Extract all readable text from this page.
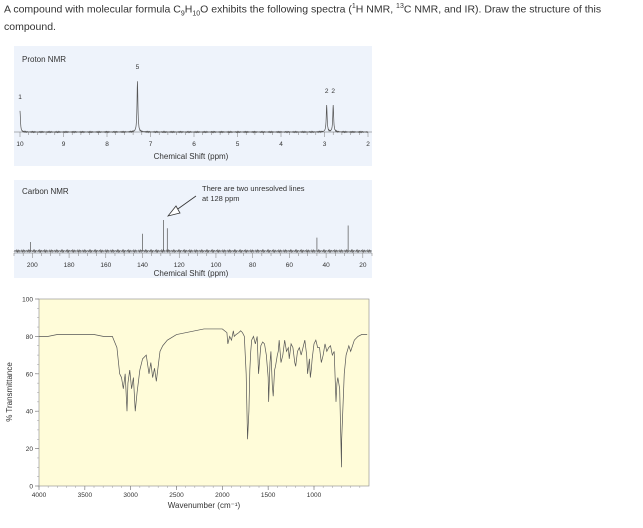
A compound with molecular formula $C_9H_{10}O$ exhibits the following spectra ($^1$H NMR, $^{13}$C NMR, and IR). Draw the structure of this compound.
Proton NMR
10	9	8	7	6	5	4	3	2
1
5
2 2
Chemical Shift (ppm)
Carbon NMR
200	180	160	140	120	100	80	60	40	20
There are two unresolved lines
at 128 ppm
Chemical Shift (ppm)
4000	3500	3000	2500	2000	1500	1000
0
20
40
60
80
100
Wavenumber (cm⁻¹)
% Transmittance
